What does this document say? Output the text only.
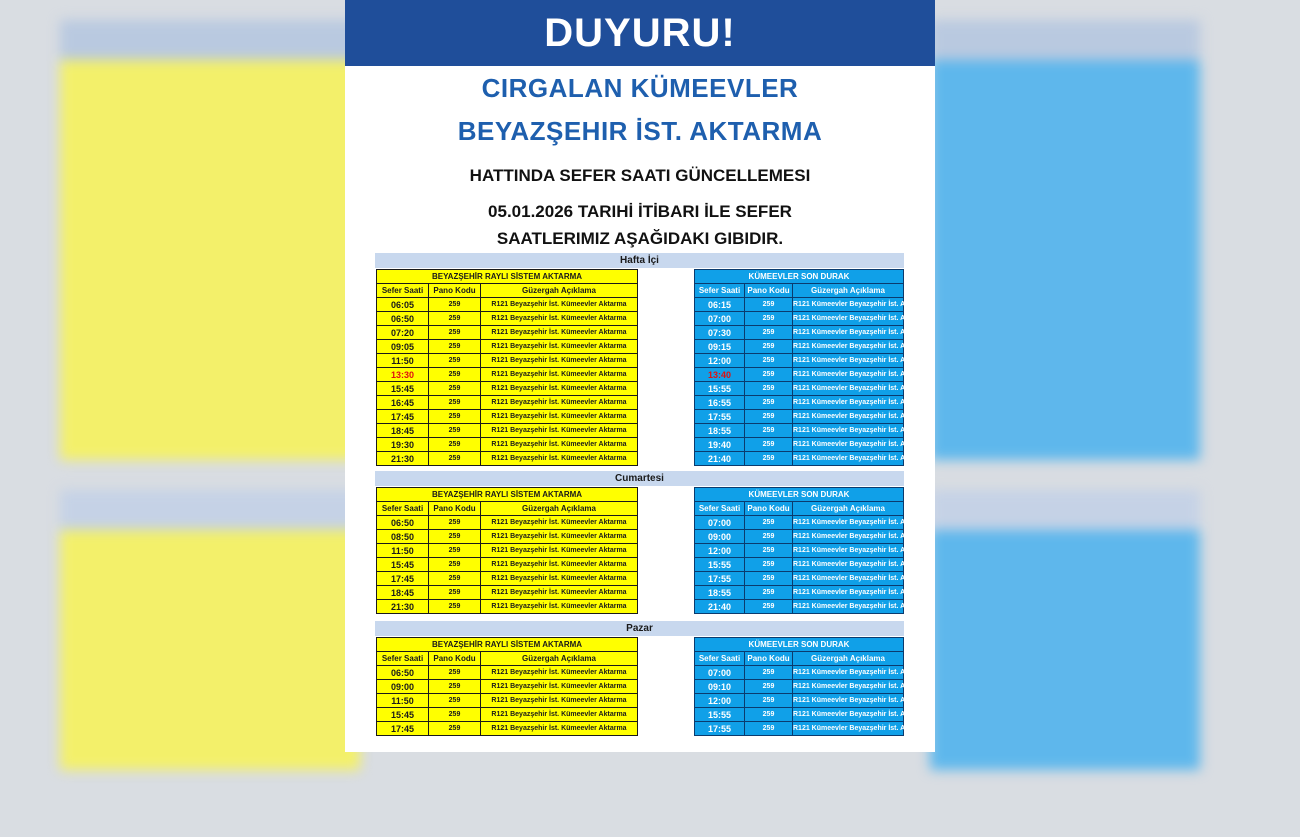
DUYURU!
CIRGALAN KÜMEEVLER
BEYAZŞEHIR İST. AKTARMA
HATTINDA SEFER SAATI GÜNCELLEMESI
05.01.2026 TARIHİ İTİBARI İLE SEFER
SAATLERIMIZ AŞAĞIDAKI GIBIDIR.
Hafta İçi
BEYAZŞEHİR RAYLI SİSTEM AKTARMA		
Sefer Saati	Pano Kodu	Güzergah Açıklama
06:05	259	R121 Beyazşehir İst. Kümeevler Aktarma
06:50	259	R121 Beyazşehir İst. Kümeevler Aktarma
07:20	259	R121 Beyazşehir İst. Kümeevler Aktarma
09:05	259	R121 Beyazşehir İst. Kümeevler Aktarma
11:50	259	R121 Beyazşehir İst. Kümeevler Aktarma
13:30	259	R121 Beyazşehir İst. Kümeevler Aktarma
15:45	259	R121 Beyazşehir İst. Kümeevler Aktarma
16:45	259	R121 Beyazşehir İst. Kümeevler Aktarma
17:45	259	R121 Beyazşehir İst. Kümeevler Aktarma
18:45	259	R121 Beyazşehir İst. Kümeevler Aktarma
19:30	259	R121 Beyazşehir İst. Kümeevler Aktarma
21:30	259	R121 Beyazşehir İst. Kümeevler Aktarma
KÜMEEVLER SON DURAK		
Sefer Saati	Pano Kodu	Güzergah Açıklama
06:15	259	R121 Kümeevler Beyazşehir İst. Aktarma
07:00	259	R121 Kümeevler Beyazşehir İst. Aktarma
07:30	259	R121 Kümeevler Beyazşehir İst. Aktarma
09:15	259	R121 Kümeevler Beyazşehir İst. Aktarma
12:00	259	R121 Kümeevler Beyazşehir İst. Aktarma
13:40	259	R121 Kümeevler Beyazşehir İst. Aktarma
15:55	259	R121 Kümeevler Beyazşehir İst. Aktarma
16:55	259	R121 Kümeevler Beyazşehir İst. Aktarma
17:55	259	R121 Kümeevler Beyazşehir İst. Aktarma
18:55	259	R121 Kümeevler Beyazşehir İst. Aktarma
19:40	259	R121 Kümeevler Beyazşehir İst. Aktarma
21:40	259	R121 Kümeevler Beyazşehir İst. Aktarma
Cumartesi
BEYAZŞEHİR RAYLI SİSTEM AKTARMA		
Sefer Saati	Pano Kodu	Güzergah Açıklama
06:50	259	R121 Beyazşehir İst. Kümeevler Aktarma
08:50	259	R121 Beyazşehir İst. Kümeevler Aktarma
11:50	259	R121 Beyazşehir İst. Kümeevler Aktarma
15:45	259	R121 Beyazşehir İst. Kümeevler Aktarma
17:45	259	R121 Beyazşehir İst. Kümeevler Aktarma
18:45	259	R121 Beyazşehir İst. Kümeevler Aktarma
21:30	259	R121 Beyazşehir İst. Kümeevler Aktarma
KÜMEEVLER SON DURAK		
Sefer Saati	Pano Kodu	Güzergah Açıklama
07:00	259	R121 Kümeevler Beyazşehir İst. Aktarma
09:00	259	R121 Kümeevler Beyazşehir İst. Aktarma
12:00	259	R121 Kümeevler Beyazşehir İst. Aktarma
15:55	259	R121 Kümeevler Beyazşehir İst. Aktarma
17:55	259	R121 Kümeevler Beyazşehir İst. Aktarma
18:55	259	R121 Kümeevler Beyazşehir İst. Aktarma
21:40	259	R121 Kümeevler Beyazşehir İst. Aktarma
Pazar
BEYAZŞEHİR RAYLI SİSTEM AKTARMA		
Sefer Saati	Pano Kodu	Güzergah Açıklama
06:50	259	R121 Beyazşehir İst. Kümeevler Aktarma
09:00	259	R121 Beyazşehir İst. Kümeevler Aktarma
11:50	259	R121 Beyazşehir İst. Kümeevler Aktarma
15:45	259	R121 Beyazşehir İst. Kümeevler Aktarma
17:45	259	R121 Beyazşehir İst. Kümeevler Aktarma
KÜMEEVLER SON DURAK		
Sefer Saati	Pano Kodu	Güzergah Açıklama
07:00	259	R121 Kümeevler Beyazşehir İst. Aktarma
09:10	259	R121 Kümeevler Beyazşehir İst. Aktarma
12:00	259	R121 Kümeevler Beyazşehir İst. Aktarma
15:55	259	R121 Kümeevler Beyazşehir İst. Aktarma
17:55	259	R121 Kümeevler Beyazşehir İst. Aktarma
